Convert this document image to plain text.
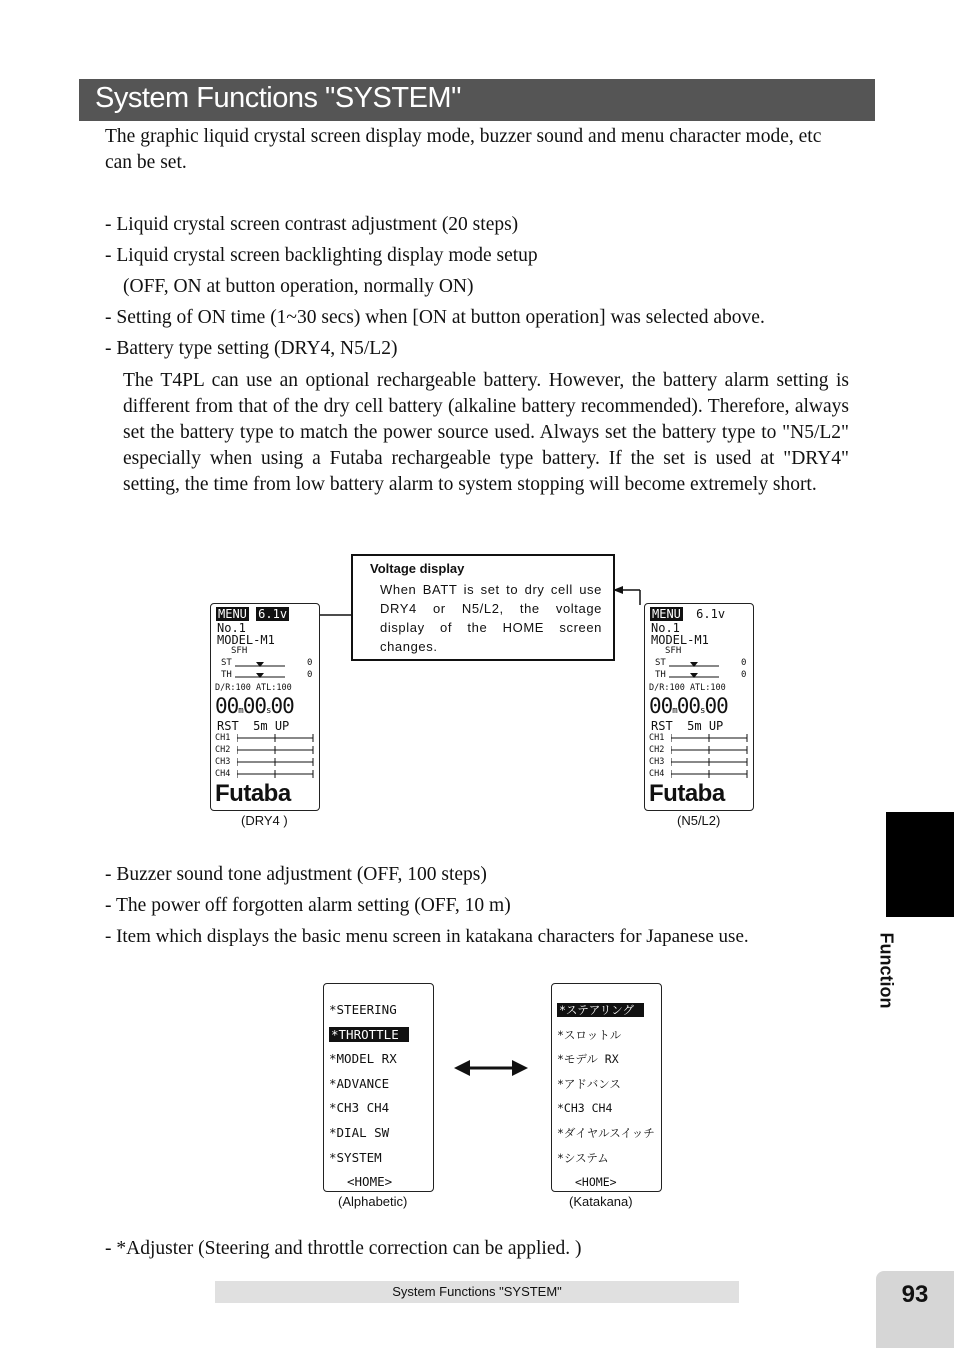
System Functions "SYSTEM"
The graphic liquid crystal screen display mode, buzzer sound and menu character mode, etc can be set.
- Liquid crystal screen contrast adjustment (20 steps)
- Liquid crystal screen backlighting display mode setup
(OFF, ON at button operation, normally ON)
- Setting of ON time (1~30 secs) when [ON at button operation] was selected above.
- Battery type setting (DRY4, N5/L2)
The T4PL can use an optional rechargeable battery. However, the battery alarm setting is different from that of the dry cell battery (alkaline battery recommended). Therefore, always set the battery type to match the power source used. Always set the battery type to "N5/L2" especially when using a Futaba rechargeable type battery. If the set is used at "DRY4" setting, the time from low battery alarm to system stopping will become extremely short.
Voltage display
When BATT is set to dry cell use DRY4 or N5/L2, the voltage display of the HOME screen changes.
MENU 6.1v
No.1
MODEL-M1
SFH
ST	0
TH	0
D/R:100 ATL:100
00m00s00
RST 5m UP
CH1
CH2
CH3
CH4
Futaba
(DRY4 )
MENU 6.1v
No.1
MODEL-M1
SFH
ST	0
TH	0
D/R:100 ATL:100
00m00s00
RST 5m UP
CH1
CH2
CH3
CH4
Futaba
(N5/L2)
- Buzzer sound tone adjustment (OFF, 100 steps)
- The power off forgotten alarm setting (OFF, 10 m)
- Item which displays the basic menu screen in katakana characters for Japanese use.
*STEERING
*THROTTLE
*MODEL RX
*ADVANCE
*CH3 CH4
*DIAL SW
*SYSTEM
<HOME>
(Alphabetic)
*ステアリング
*スロットル
*モデル RX
*アドバンス
*CH3 CH4
*ダイヤルスイッチ
*システム
<HOME>
(Katakana)
- *Adjuster (Steering and throttle correction can be applied. )
Function
System Functions "SYSTEM"	93
